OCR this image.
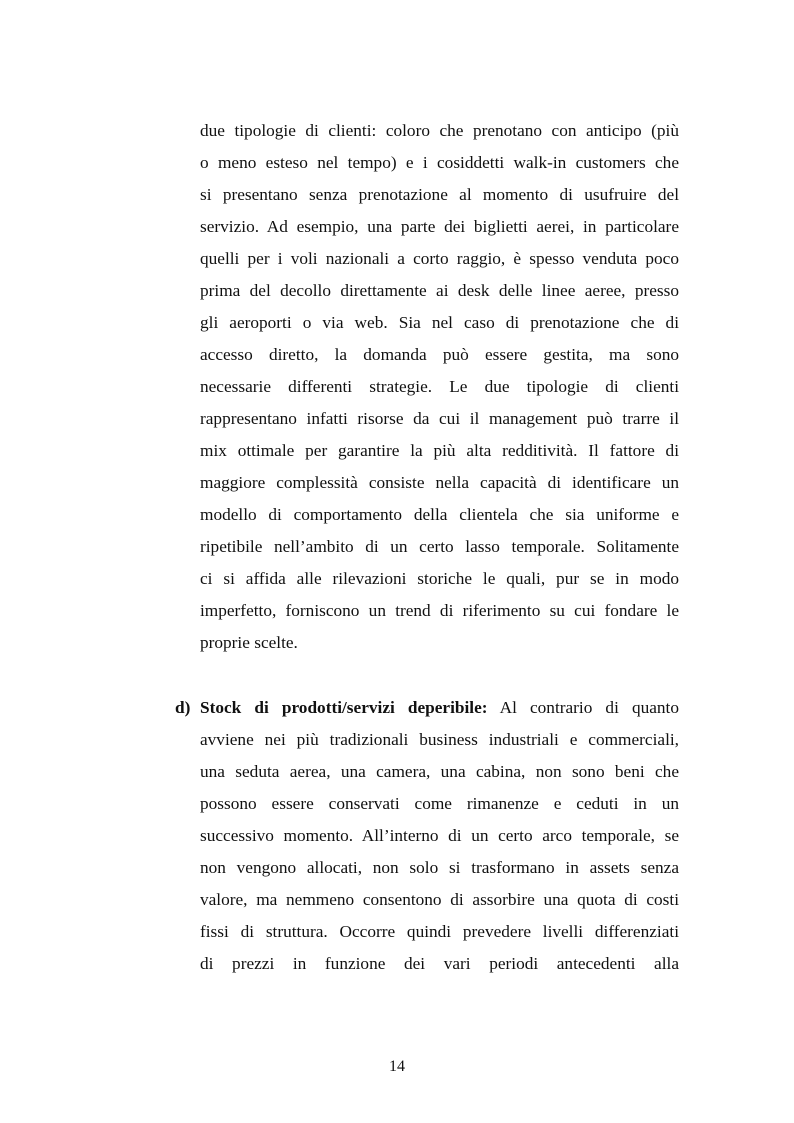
due tipologie di clienti: coloro che prenotano con anticipo (più
o meno esteso nel tempo) e i cosiddetti walk-in customers che
si presentano senza prenotazione al momento di usufruire del
servizio. Ad esempio, una parte dei biglietti aerei, in particolare
quelli per i voli nazionali a corto raggio, è spesso venduta poco
prima del decollo direttamente ai desk delle linee aeree, presso
gli aeroporti o via web. Sia nel caso di prenotazione che di
accesso diretto, la domanda può essere gestita, ma sono
necessarie differenti strategie. Le due tipologie di clienti
rappresentano infatti risorse da cui il management può trarre il
mix ottimale per garantire la più alta redditività. Il fattore di
maggiore complessità consiste nella capacità di identificare un
modello di comportamento della clientela che sia uniforme e
ripetibile nell’ambito di un certo lasso temporale. Solitamente
ci si affida alle rilevazioni storiche le quali, pur se in modo
imperfetto, forniscono un trend di riferimento su cui fondare le
proprie scelte.
d) Stock di prodotti/servizi deperibile: Al contrario di quanto
avviene nei più tradizionali business industriali e commerciali,
una seduta aerea, una camera, una cabina, non sono beni che
possono essere conservati come rimanenze e ceduti in un
successivo momento. All’interno di un certo arco temporale, se
non vengono allocati, non solo si trasformano in assets senza
valore, ma nemmeno consentono di assorbire una quota di costi
fissi di struttura. Occorre quindi prevedere livelli differenziati
di prezzi in funzione dei vari periodi antecedenti alla
14
